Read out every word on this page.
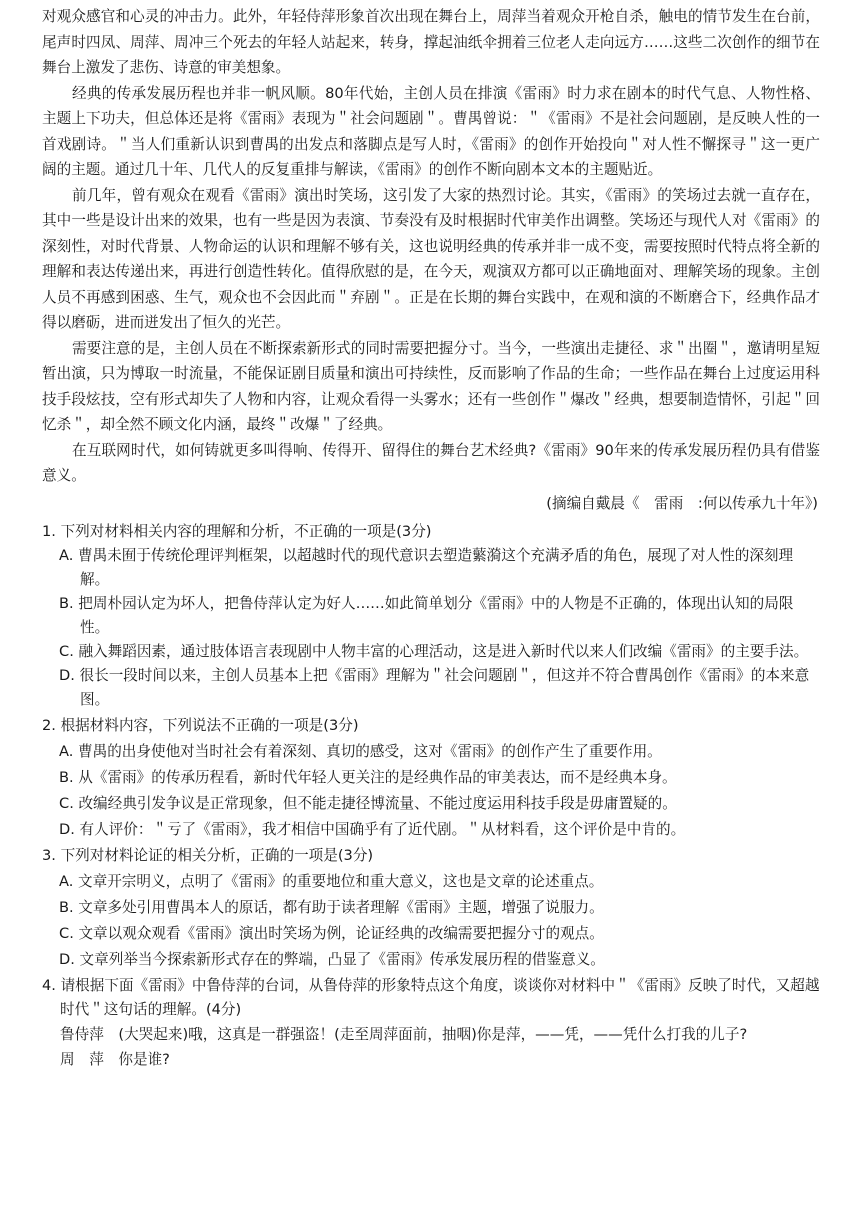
对观众感官和心灵的冲击力。此外，年轻侍萍形象首次出现在舞台上，周萍当着观众开枪自杀，触电的情节发生在台前，尾声时四凤、周萍、周冲三个死去的年轻人站起来，转身，撑起油纸伞拥着三位老人走向远方……这些二次创作的细节在舞台上激发了悲伤、诗意的审美想象。

经典的传承发展历程也并非一帆风顺。80年代始，主创人员在排演《雷雨》时力求在剧本的时代气息、人物性格、主题上下功夫，但总体还是将《雷雨》表现为＂社会问题剧＂。曹禺曾说：＂《雷雨》不是社会问题剧，是反映人性的一首戏剧诗。＂当人们重新认识到曹禺的出发点和落脚点是写人时，《雷雨》的创作开始投向＂对人性不懈探寻＂这一更广阔的主题。通过几十年、几代人的反复重排与解读，《雷雨》的创作不断向剧本文本的主题贴近。

前几年，曾有观众在观看《雷雨》演出时笑场，这引发了大家的热烈讨论。其实，《雷雨》的笑场过去就一直存在，其中一些是设计出来的效果，也有一些是因为表演、节奏没有及时根据时代审美作出调整。笑场还与现代人对《雷雨》的深刻性，对时代背景、人物命运的认识和理解不够有关，这也说明经典的传承并非一成不变，需要按照时代特点将全新的理解和表达传递出来，再进行创造性转化。值得欣慰的是，在今天，观演双方都可以正确地面对、理解笑场的现象。主创人员不再感到困惑、生气，观众也不会因此而＂弃剧＂。正是在长期的舞台实践中，在观和演的不断磨合下，经典作品才得以磨砺，进而迸发出了恒久的光芒。

需要注意的是，主创人员在不断探索新形式的同时需要把握分寸。当今，一些演出走捷径、求＂出圈＂，邀请明星短暂出演，只为博取一时流量，不能保证剧目质量和演出可持续性，反而影响了作品的生命；一些作品在舞台上过度运用科技手段炫技，空有形式却失了人物和内容，让观众看得一头雾水；还有一些创作＂爆改＂经典，想要制造情怀，引起＂回忆杀＂，却全然不顾文化内涵，最终＂改爆＂了经典。

在互联网时代，如何铸就更多叫得响、传得开、留得住的舞台艺术经典?《雷雨》90年来的传承发展历程仍具有借鉴意义。

(摘编自戴晨《　雷雨　:何以传承九十年》)
1. 下列对材料相关内容的理解和分析，不正确的一项是(3分)
A. 曹禺未囿于传统伦理评判框架，以超越时代的现代意识去塑造蘩漪这个充满矛盾的角色，展现了对人性的深刻理解。
B. 把周朴园认定为坏人，把鲁侍萍认定为好人……如此简单划分《雷雨》中的人物是不正确的，体现出认知的局限性。
C. 融入舞蹈因素，通过肢体语言表现剧中人物丰富的心理活动，这是进入新时代以来人们改编《雷雨》的主要手法。
D. 很长一段时间以来，主创人员基本上把《雷雨》理解为＂社会问题剧＂，但这并不符合曹禺创作《雷雨》的本来意图。
2. 根据材料内容，下列说法不正确的一项是(3分)
A. 曹禺的出身使他对当时社会有着深刻、真切的感受，这对《雷雨》的创作产生了重要作用。
B. 从《雷雨》的传承历程看，新时代年轻人更关注的是经典作品的审美表达，而不是经典本身。
C. 改编经典引发争议是正常现象，但不能走捷径博流量、不能过度运用科技手段是毋庸置疑的。
D. 有人评价：＂亏了《雷雨》，我才相信中国确乎有了近代剧。＂从材料看，这个评价是中肯的。
3. 下列对材料论证的相关分析，正确的一项是(3分)
A. 文章开宗明义，点明了《雷雨》的重要地位和重大意义，这也是文章的论述重点。
B. 文章多处引用曹禺本人的原话，都有助于读者理解《雷雨》主题，增强了说服力。
C. 文章以观众观看《雷雨》演出时笑场为例，论证经典的改编需要把握分寸的观点。
D. 文章列举当今探索新形式存在的弊端，凸显了《雷雨》传承发展历程的借鉴意义。
4. 请根据下面《雷雨》中鲁侍萍的台词，从鲁侍萍的形象特点这个角度，谈谈你对材料中＂《雷雨》反映了时代，又超越时代＂这句话的理解。(4分)
鲁侍萍　(大哭起来)哦，这真是一群强盗！(走至周萍面前，抽咽)你是萍，——凭，——凭什么打我的儿子?
周　萍　你是谁?
